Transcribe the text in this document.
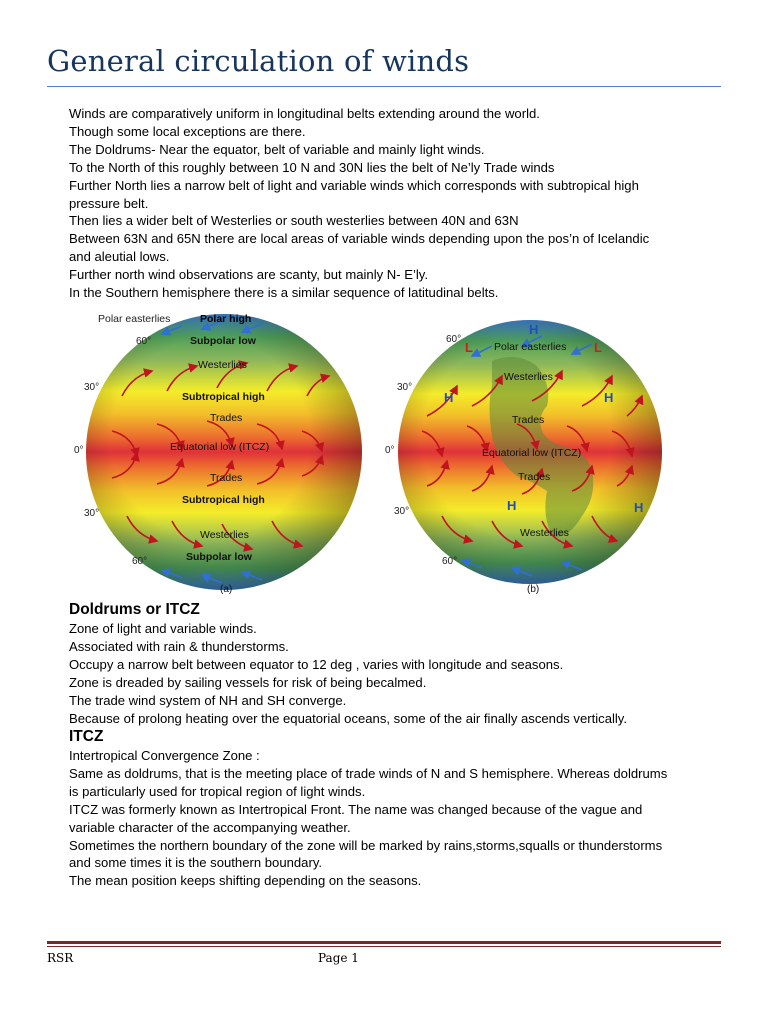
General circulation of winds
Winds are comparatively uniform in longitudinal belts extending around the world.
Though some local exceptions are there.
The Doldrums- Near the equator, belt of variable and mainly light winds.
To the North of this roughly between 10 N and 30N lies the belt of Ne’ly Trade winds
Further North lies a narrow belt of light and variable winds which corresponds with subtropical high
pressure belt.
Then lies a wider belt of Westerlies or south westerlies between 40N and 63N
Between 63N and 65N there are local areas of variable winds depending upon the pos’n of Icelandic
and aleutial lows.
Further north wind observations are scanty, but mainly N- E’ly.
In the Southern hemisphere there is a similar sequence of latitudinal belts.
Polar easterlies	Polar high
60°
30°
0°
30°
60°
Subpolar low
Westerlies
Subtropical high
Trades
Equatorial low (ITCZ)
Trades
Subtropical high
Westerlies
Subpolar low
(a)
60°
30°
0°
30°
60°
Polar easterlies
Westerlies
Trades
Equatorial low (ITCZ)
Trades
Westerlies
H
L	L
H	H
H	H
(b)
Doldrums or ITCZ
Zone of light and variable winds.
Associated with rain & thunderstorms.
Occupy a narrow belt between equator to 12 deg , varies with longitude and seasons.
Zone is dreaded by sailing vessels for risk of being becalmed.
The trade wind system of NH and SH converge.
Because of prolong heating over the equatorial oceans, some of the air finally ascends vertically.
ITCZ
Intertropical Convergence Zone :
Same as doldrums, that is the meeting place of trade winds of N and S hemisphere. Whereas doldrums
is particularly used for tropical region of light winds.
ITCZ was formerly known as Intertropical Front. The name was changed because of the vague and
variable character of the accompanying weather.
Sometimes the northern boundary of the zone will be marked by rains,storms,squalls or thunderstorms
and some times it is the southern boundary.
The mean position keeps shifting depending on the seasons.
RSR	Page 1
